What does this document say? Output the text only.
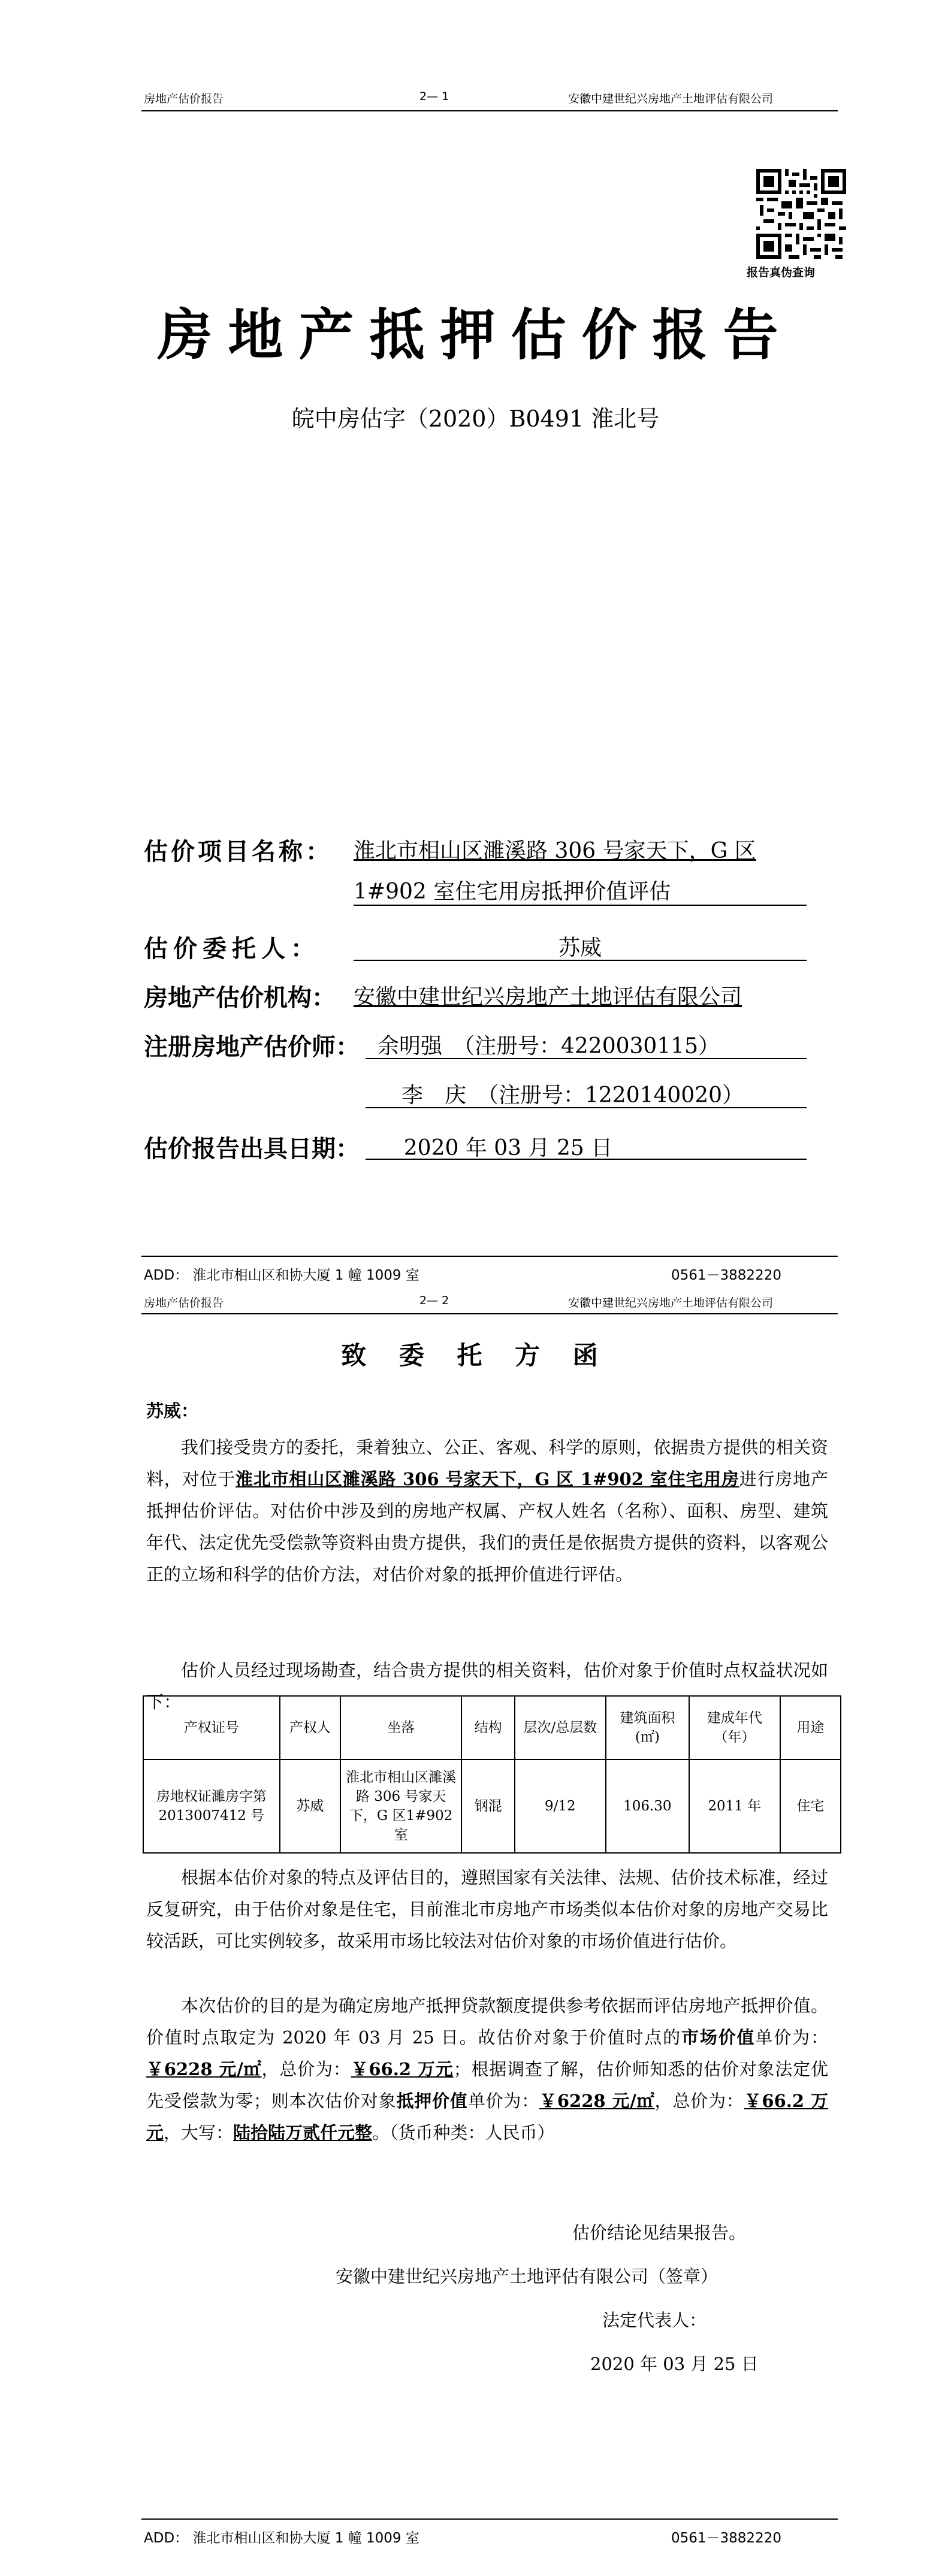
房地产估价报告	2— 1	安徽中建世纪兴房地产土地评估有限公司
报告真伪查询
房地产抵押估价报告
皖中房估字（2020）B0491 淮北号
估价项目名称： 淮北市相山区濉溪路 306 号家天下，G 区
1#902 室住宅用房抵押价值评估
估价委托人：	苏威
房地产估价机构： 安徽中建世纪兴房地产土地评估有限公司
注册房地产估价师： 余明强　（注册号：4220030115）
李　庆　（注册号：1220140020）
估价报告出具日期：	2020 年 03 月 25 日
ADD： 淮北市相山区和协大厦 1 幢 1009 室	0561－3882220
房地产估价报告	2— 2	安徽中建世纪兴房地产土地评估有限公司
致 委 托 方 函
苏威：
我们接受贵方的委托，秉着独立、公正、客观、科学的原则，依据贵方提供的相关资料，对位于淮北市相山区濉溪路 306 号家天下，G 区 1#902 室住宅用房进行房地产抵押估价评估。对估价中涉及到的房地产权属、产权人姓名（名称）、面积、房型、建筑年代、法定优先受偿款等资料由贵方提供，我们的责任是依据贵方提供的资料，以客观公正的立场和科学的估价方法，对估价对象的抵押价值进行评估。
估价人员经过现场勘查，结合贵方提供的相关资料，估价对象于价值时点权益状况如下：
产权证号	产权人	坐落	结构	层次/总层数	建筑面积(㎡)	建成年代（年）	用途
房地权证濉房字第2013007412 号	苏威	淮北市相山区濉溪路 306 号家天下，G 区1#902 室	钢混	9/12	106.30	2011 年	住宅
根据本估价对象的特点及评估目的，遵照国家有关法律、法规、估价技术标准，经过反复研究，由于估价对象是住宅，目前淮北市房地产市场类似本估价对象的房地产交易比较活跃，可比实例较多，故采用市场比较法对估价对象的市场价值进行估价。
本次估价的目的是为确定房地产抵押贷款额度提供参考依据而评估房地产抵押价值。价值时点取定为 2020 年 03 月 25 日。故估价对象于价值时点的市场价值单价为：￥6228 元/㎡，总价为：￥66.2 万元；根据调查了解，估价师知悉的估价对象法定优先受偿款为零；则本次估价对象抵押价值单价为：￥6228 元/㎡，总价为：￥66.2 万元，大写：陆拾陆万贰仟元整。（货币种类：人民币）
估价结论见结果报告。
安徽中建世纪兴房地产土地评估有限公司（签章）
法定代表人：
2020 年 03 月 25 日
ADD： 淮北市相山区和协大厦 1 幢 1009 室	0561－3882220
